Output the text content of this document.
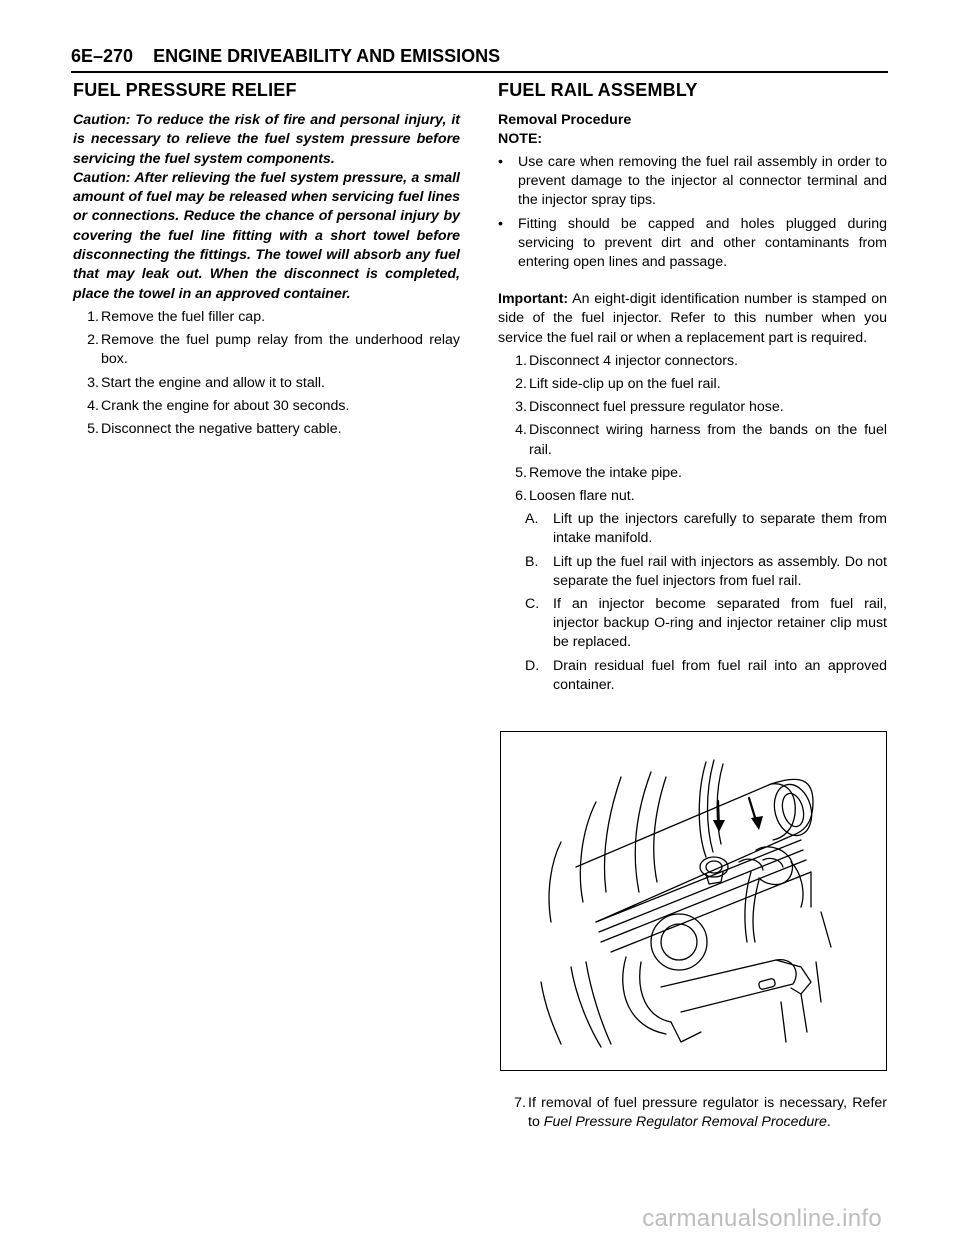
6E–270    ENGINE DRIVEABILITY AND EMISSIONS
FUEL PRESSURE RELIEF

Caution: To reduce the risk of fire and personal injury, it is necessary to relieve the fuel system pressure before servicing the fuel system components.

Caution: After relieving the fuel system pressure, a small amount of fuel may be released when servicing fuel lines or connections. Reduce the chance of personal injury by covering the fuel line fitting with a short towel before disconnecting the fittings. The towel will absorb any fuel that may leak out. When the disconnect is completed, place the towel in an approved container.

1. Remove the fuel filler cap.
2. Remove the fuel pump relay from the underhood relay box.
3. Start the engine and allow it to stall.
4. Crank the engine for about 30 seconds.
5. Disconnect the negative battery cable.
FUEL RAIL ASSEMBLY

Removal Procedure

NOTE:

•	Use care when removing the fuel rail assembly in order to prevent damage to the injector al connector terminal and the injector spray tips.
•	Fitting should be capped and holes plugged during servicing to prevent dirt and other contaminants from entering open lines and passage.

Important: An eight-digit identification number is stamped on side of the fuel injector. Refer to this number when you service the fuel rail or when a replacement part is required.

1. Disconnect 4 injector connectors.
2. Lift side-clip up on the fuel rail.
3. Disconnect fuel pressure regulator hose.
4. Disconnect wiring harness from the bands on the fuel rail.
5. Remove the intake pipe.
6. Loosen flare nut.
A.	Lift up the injectors carefully to separate them from intake manifold.
B.	Lift up the fuel rail with injectors as assembly. Do not separate the fuel injectors from fuel rail.
C. If an injector become separated from fuel rail, injector backup O-ring and injector retainer clip must be replaced.
D. Drain residual fuel from fuel rail into an approved container.
7. If removal of fuel pressure regulator is necessary, Refer to Fuel Pressure Regulator Removal Procedure.
carmanualsonline.info
